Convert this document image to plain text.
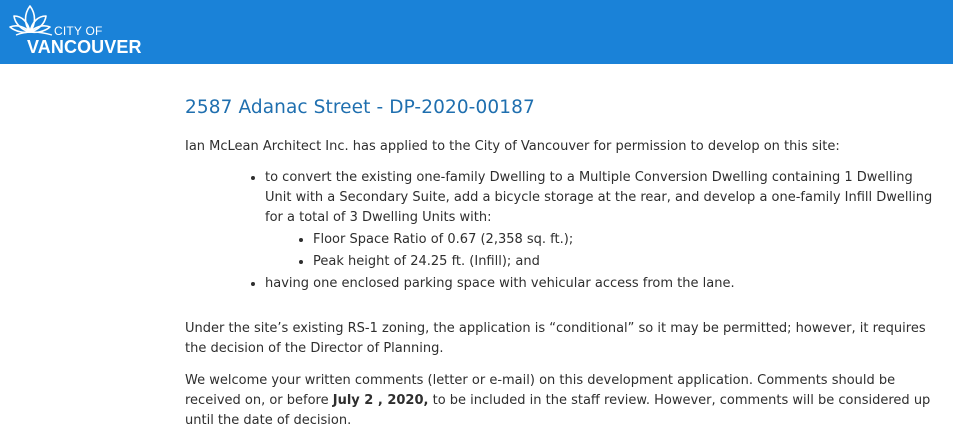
CITY OF
VANCOUVER
2587 Adanac Street - DP-2020-00187

Ian McLean Architect Inc. has applied to the City of Vancouver for permission to develop on this site:

• to convert the existing one-family Dwelling to a Multiple Conversion Dwelling containing 1 Dwelling Unit with a Secondary Suite, add a bicycle storage at the rear, and develop a one-family Infill Dwelling for a total of 3 Dwelling Units with:
• Floor Space Ratio of 0.67 (2,358 sq. ft.);
• Peak height of 24.25 ft. (Infill); and
• having one enclosed parking space with vehicular access from the lane.

Under the site’s existing RS-1 zoning, the application is “conditional” so it may be permitted; however, it requires the decision of the Director of Planning.

We welcome your written comments (letter or e-mail) on this development application. Comments should be received on, or before July 2 , 2020, to be included in the staff review. However, comments will be considered up until the date of decision.
